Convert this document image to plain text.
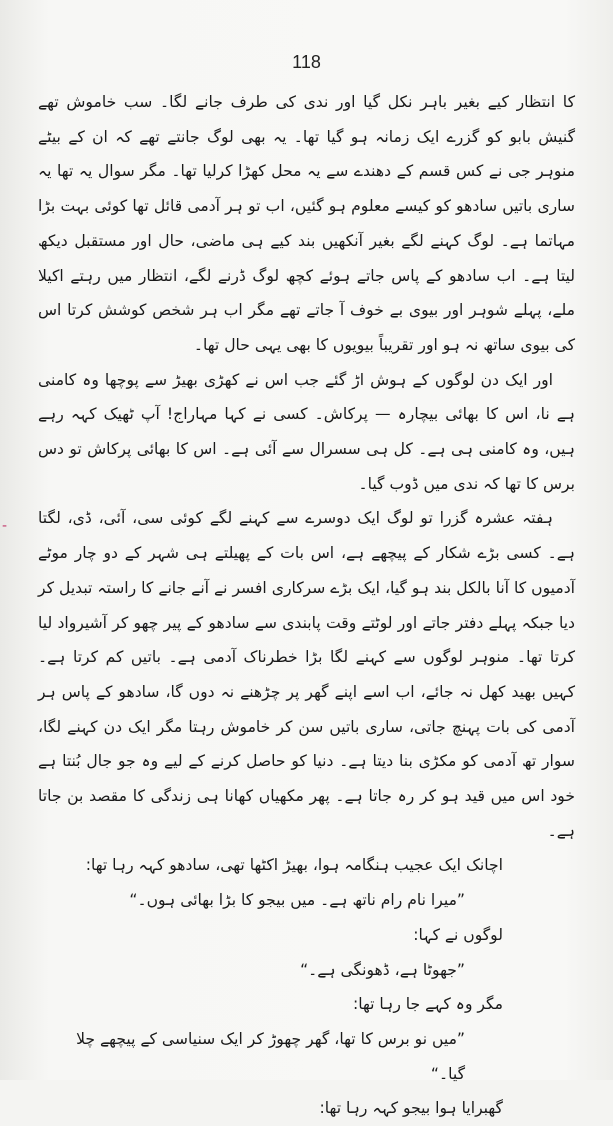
118

کا انتظار کیے بغیر باہر نکل گیا اور ندی کی طرف جانے لگا۔ سب خاموش تھے گنیش بابو کو گزرے ایک زمانہ ہو گیا تھا۔ یہ بھی لوگ جانتے تھے کہ ان کے بیٹے منوہر جی نے کس قسم کے دھندے سے یہ محل کھڑا کرلیا تھا۔ مگر سوال یہ تھا یہ ساری باتیں سادھو کو کیسے معلوم ہو گئیں، اب تو ہر آدمی قائل تھا کوئی بہت بڑا مہاتما ہے۔ لوگ کہنے لگے بغیر آنکھیں بند کیے ہی ماضی، حال اور مستقبل دیکھ لیتا ہے۔ اب سادھو کے پاس جاتے ہوئے کچھ لوگ ڈرنے لگے، انتظار میں رہتے اکیلا ملے، پہلے شوہر اور بیوی بے خوف آ جاتے تھے مگر اب ہر شخص کوشش کرتا اس کی بیوی ساتھ نہ ہو اور تقریباً بیویوں کا بھی یہی حال تھا۔

اور ایک دن لوگوں کے ہوش اڑ گئے جب اس نے کھڑی بھیڑ سے پوچھا وہ کامنی ہے نا، اس کا بھائی بیچارہ — پرکاش۔ کسی نے کہا مہاراج! آپ ٹھیک کہہ رہے ہیں، وہ کامنی ہی ہے۔ کل ہی سسرال سے آئی ہے۔ اس کا بھائی پرکاش تو دس برس کا تھا کہ ندی میں ڈوب گیا۔

ہفتہ عشرہ گزرا تو لوگ ایک دوسرے سے کہنے لگے کوئی سی، آئی، ڈی، لگتا ہے۔ کسی بڑے شکار کے پیچھے ہے، اس بات کے پھیلتے ہی شہر کے دو چار موٹے آدمیوں کا آنا بالکل بند ہو گیا، ایک بڑے سرکاری افسر نے آنے جانے کا راستہ تبدیل کر دیا جبکہ پہلے دفتر جاتے اور لوٹتے وقت پابندی سے سادھو کے پیر چھو کر آشیرواد لیا کرتا تھا۔ منوہر لوگوں سے کہنے لگا بڑا خطرناک آدمی ہے۔ باتیں کم کرتا ہے۔ کہیں بھید کھل نہ جائے، اب اسے اپنے گھر پر چڑھنے نہ دوں گا، سادھو کے پاس ہر آدمی کی بات پہنچ جاتی، ساری باتیں سن کر خاموش رہتا مگر ایک دن کہنے لگا، سوار تھ آدمی کو مکڑی بنا دیتا ہے۔ دنیا کو حاصل کرنے کے لیے وہ جو جال بُنتا ہے خود اس میں قید ہو کر رہ جاتا ہے۔ پھر مکھیاں کھانا ہی زندگی کا مقصد بن جاتا ہے۔

اچانک ایک عجیب ہنگامہ ہوا، بھیڑ اکٹھا تھی، سادھو کہہ رہا تھا:

”میرا نام رام ناتھ ہے۔ میں بیجو کا بڑا بھائی ہوں۔“

لوگوں نے کہا:

”جھوٹا ہے، ڈھونگی ہے۔“

مگر وہ کہے جا رہا تھا:

”میں نو برس کا تھا، گھر چھوڑ کر ایک سنیاسی کے پیچھے چلا گیا۔“

گھبرایا ہوا بیجو کہہ رہا تھا:

-
